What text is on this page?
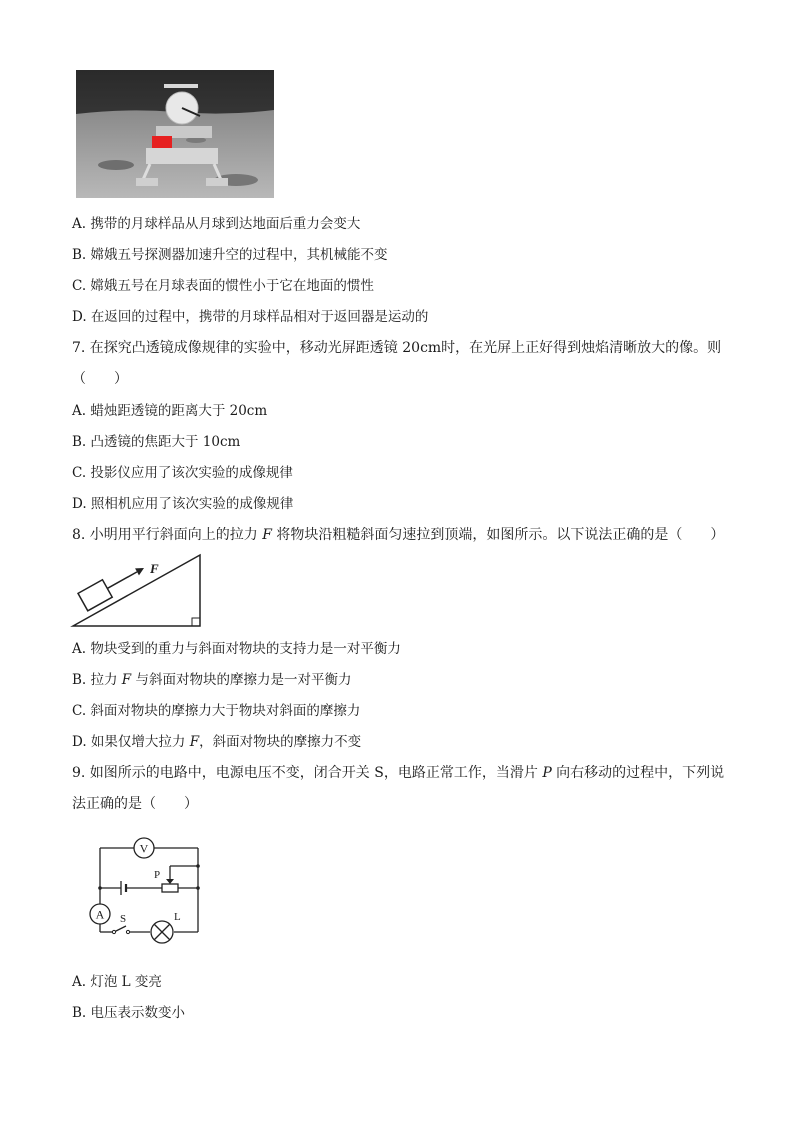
A. 携带的月球样品从月球到达地面后重力会变大
B. 嫦娥五号探测器加速升空的过程中，其机械能不变
C. 嫦娥五号在月球表面的惯性小于它在地面的惯性
D. 在返回的过程中，携带的月球样品相对于返回器是运动的
7. 在探究凸透镜成像规律的实验中，移动光屏距透镜 20cm时，在光屏上正好得到烛焰清晰放大的像。则
（　　）
A. 蜡烛距透镜的距离大于 20cm
B. 凸透镜的焦距大于 10cm
C. 投影仪应用了该次实验的成像规律
D. 照相机应用了该次实验的成像规律
8. 小明用平行斜面向上的拉力 F 将物块沿粗糙斜面匀速拉到顶端，如图所示。以下说法正确的是（　　）
F
A. 物块受到的重力与斜面对物块的支持力是一对平衡力
B. 拉力 F 与斜面对物块的摩擦力是一对平衡力
C. 斜面对物块的摩擦力大于物块对斜面的摩擦力
D. 如果仅增大拉力 F，斜面对物块的摩擦力不变
9. 如图所示的电路中，电源电压不变，闭合开关 S，电路正常工作，当滑片 P 向右移动的过程中，下列说
法正确的是（　　）
V
A
P
S	L
A. 灯泡 L 变亮
B. 电压表示数变小
